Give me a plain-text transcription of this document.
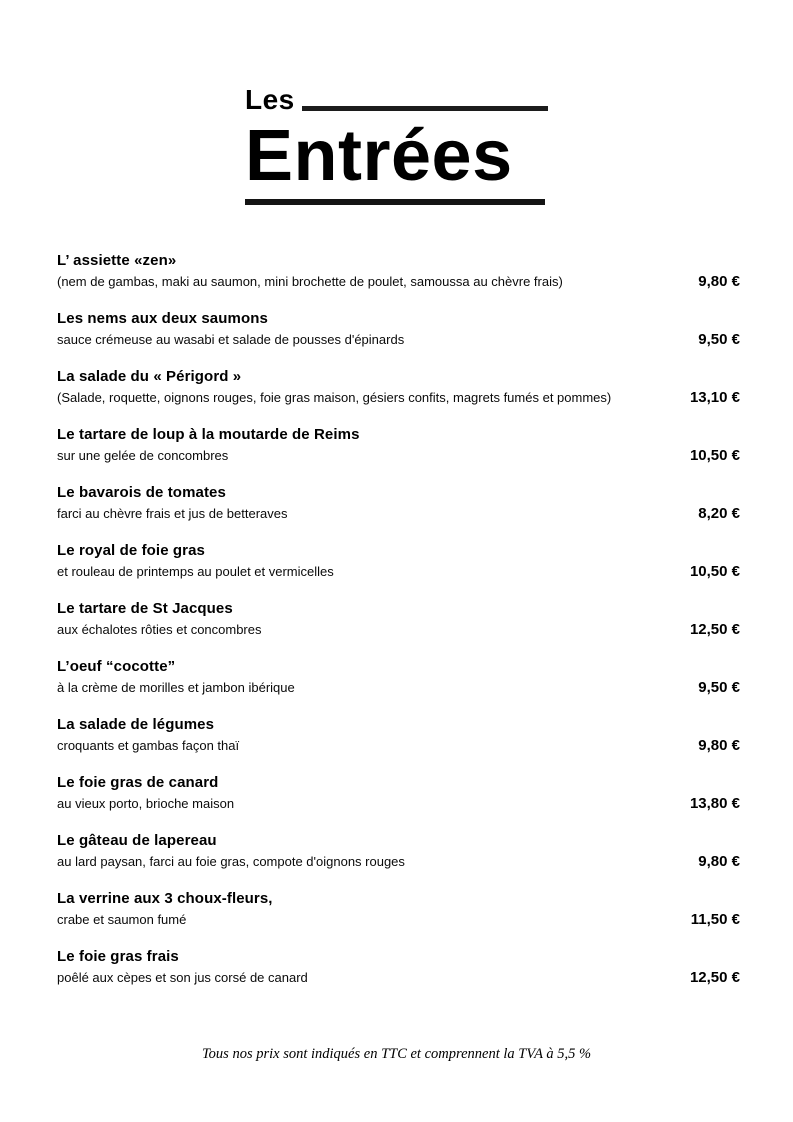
Les
Entrées
L’ assiette «zen»
(nem de gambas, maki au saumon, mini brochette de poulet, samoussa au chèvre frais)	9,80 €
Les nems aux deux saumons
sauce crémeuse au wasabi et salade de pousses d'épinards	9,50 €
La salade du « Périgord »
(Salade, roquette, oignons rouges, foie gras maison, gésiers confits, magrets fumés et pommes)	13,10 €
Le tartare de loup à la moutarde de Reims
sur une gelée de concombres	10,50 €
Le bavarois de tomates
farci au chèvre frais et jus de betteraves	8,20 €
Le royal de foie gras
et rouleau de printemps au poulet et vermicelles	10,50 €
Le tartare de St Jacques
aux échalotes rôties et concombres	12,50 €
L’oeuf “cocotte”
à la crème de morilles et jambon ibérique	9,50 €
La salade de légumes
croquants et gambas façon thaï	9,80 €
Le foie gras de canard
au vieux porto, brioche maison	13,80 €
Le gâteau de lapereau
au lard paysan, farci au foie gras, compote d'oignons rouges	9,80 €
La verrine aux 3 choux-fleurs,
crabe et saumon fumé	11,50 €
Le foie gras frais
poêlé aux cèpes et son jus corsé de canard	12,50 €
Tous nos prix sont indiqués en TTC et comprennent la TVA à 5,5 %
